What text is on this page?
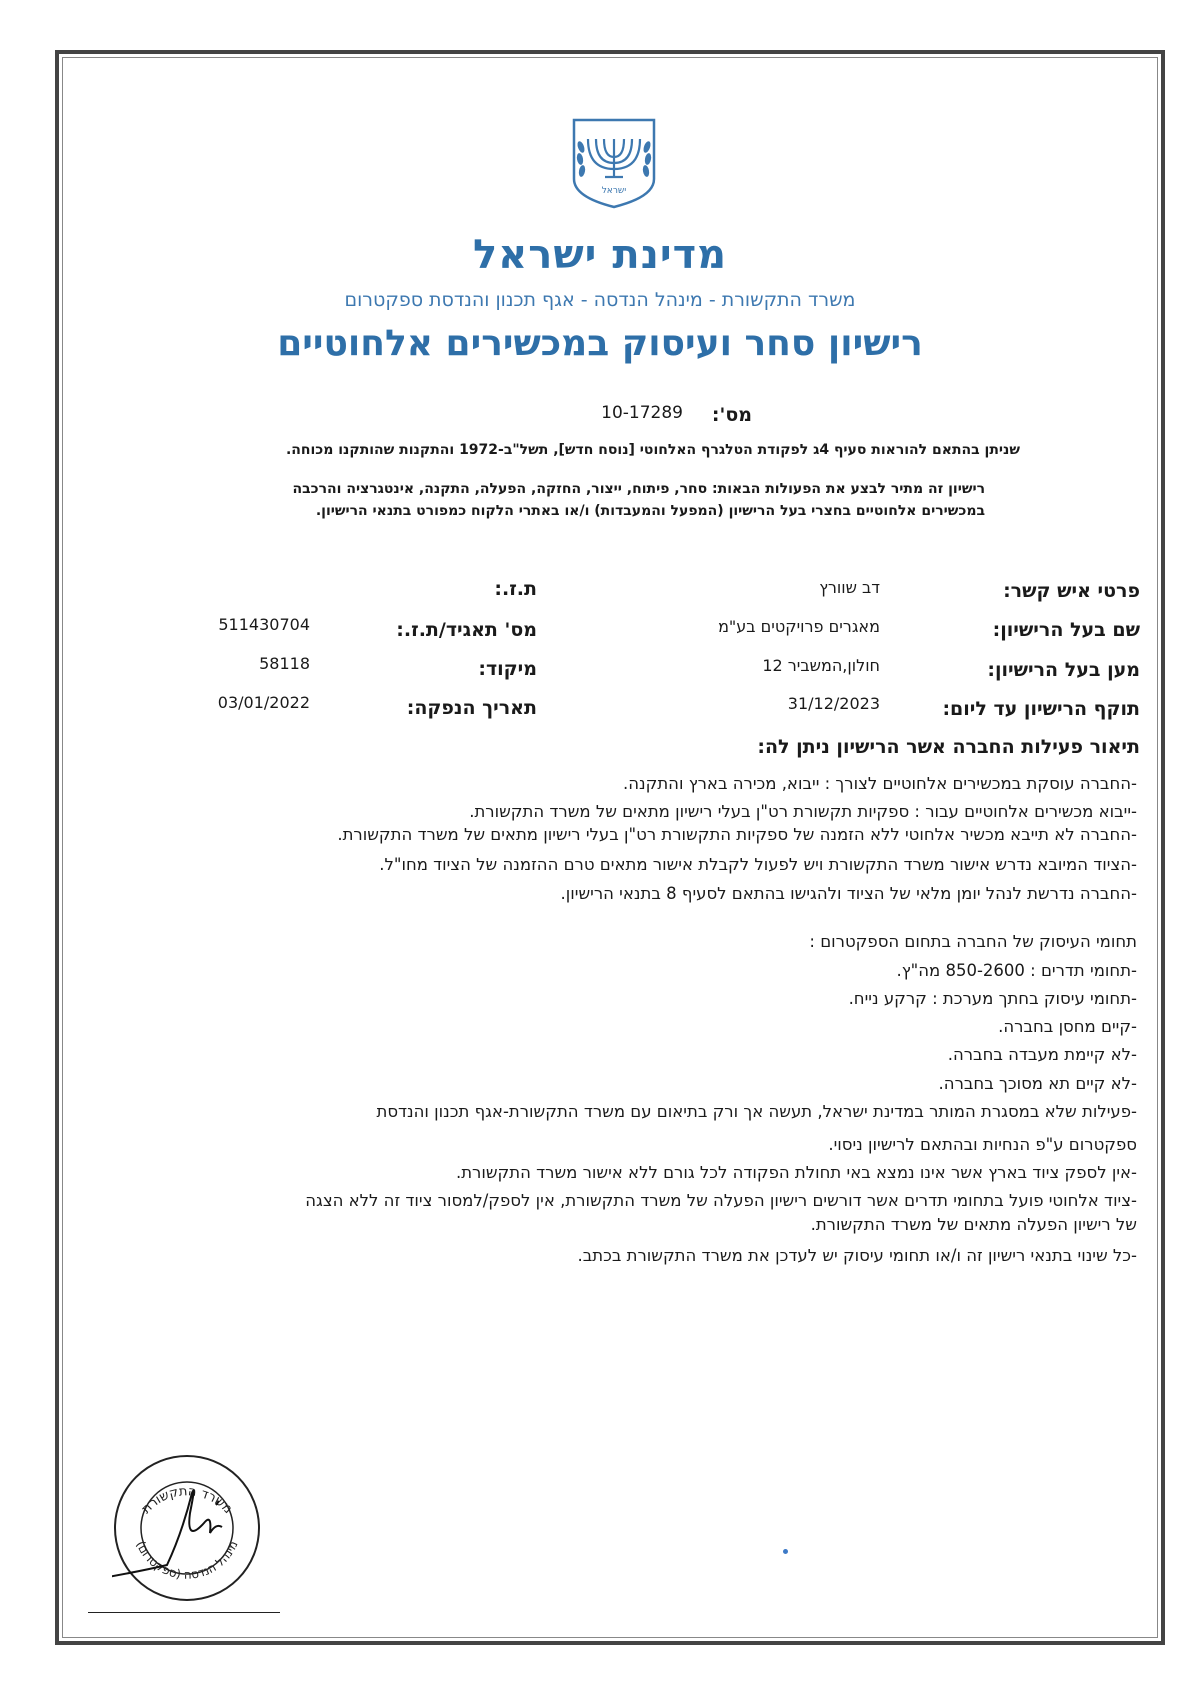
ישראל
מדינת ישראל
משרד התקשורת - מינהל הנדסה - אגף תכנון והנדסת ספקטרום
רישיון סחר ועיסוק במכשירים אלחוטיים
מס':
10-17289
שניתן בהתאם להוראות סעיף 4ג לפקודת הטלגרף האלחוטי [נוסח חדש], תשל"ב-1972 והתקנות שהותקנו מכוחה.
רישיון זה מתיר לבצע את הפעולות הבאות: סחר, פיתוח, ייצור, החזקה, הפעלה, התקנה, אינטגרציה והרכבה
במכשירים אלחוטיים בחצרי בעל הרישיון (המפעל והמעבדות) ו/או באתרי הלקוח כמפורט בתנאי הרישיון.
פרטי איש קשר:
דב שוורץ
ת.ז.:
שם בעל הרישיון:
מאגרים פרויקטים בע"מ
מס' תאגיד/ת.ז.:
511430704
מען בעל הרישיון:
חולון,המשביר 12
מיקוד:
58118
תוקף הרישיון עד ליום:
31/12/2023
תאריך הנפקה:
03/01/2022
תיאור פעילות החברה אשר הרישיון ניתן לה:
-החברה עוסקת במכשירים אלחוטיים לצורך : ייבוא, מכירה בארץ והתקנה.
-ייבוא מכשירים אלחוטיים עבור : ספקיות תקשורת רט"ן בעלי רישיון מתאים של משרד התקשורת.
-החברה לא תייבא מכשיר אלחוטי ללא הזמנה של ספקיות התקשורת רט"ן בעלי רישיון מתאים של משרד התקשורת.
-הציוד המיובא נדרש אישור משרד התקשורת ויש לפעול לקבלת אישור מתאים טרם ההזמנה של הציוד מחו"ל.
-החברה נדרשת לנהל יומן מלאי של הציוד ולהגישו בהתאם לסעיף 8 בתנאי הרישיון.
תחומי העיסוק של החברה בתחום הספקטרום :
-תחומי תדרים : 850-2600 מה"ץ.
-תחומי עיסוק בחתך מערכת : קרקע נייח.
-קיים מחסן בחברה.
-לא קיימת מעבדה בחברה.
-לא קיים תא מסוכך בחברה.
-פעילות שלא במסגרת המותר במדינת ישראל, תעשה אך ורק בתיאום עם משרד התקשורת-אגף תכנון והנדסת
ספקטרום ע"פ הנחיות ובהתאם לרישיון ניסוי.
-אין לספק ציוד בארץ אשר אינו נמצא באי תחולת הפקודה לכל גורם ללא אישור משרד התקשורת.
-ציוד אלחוטי פועל בתחומי תדרים אשר דורשים רישיון הפעלה של משרד התקשורת, אין לספק/למסור ציוד זה ללא הצגה
של רישיון הפעלה מתאים של משרד התקשורת.
-כל שינוי בתנאי רישיון זה ו/או תחומי עיסוק יש לעדכן את משרד התקשורת בכתב.
משרד התקשורת
מינהל הנדסה (ספקטרום)
